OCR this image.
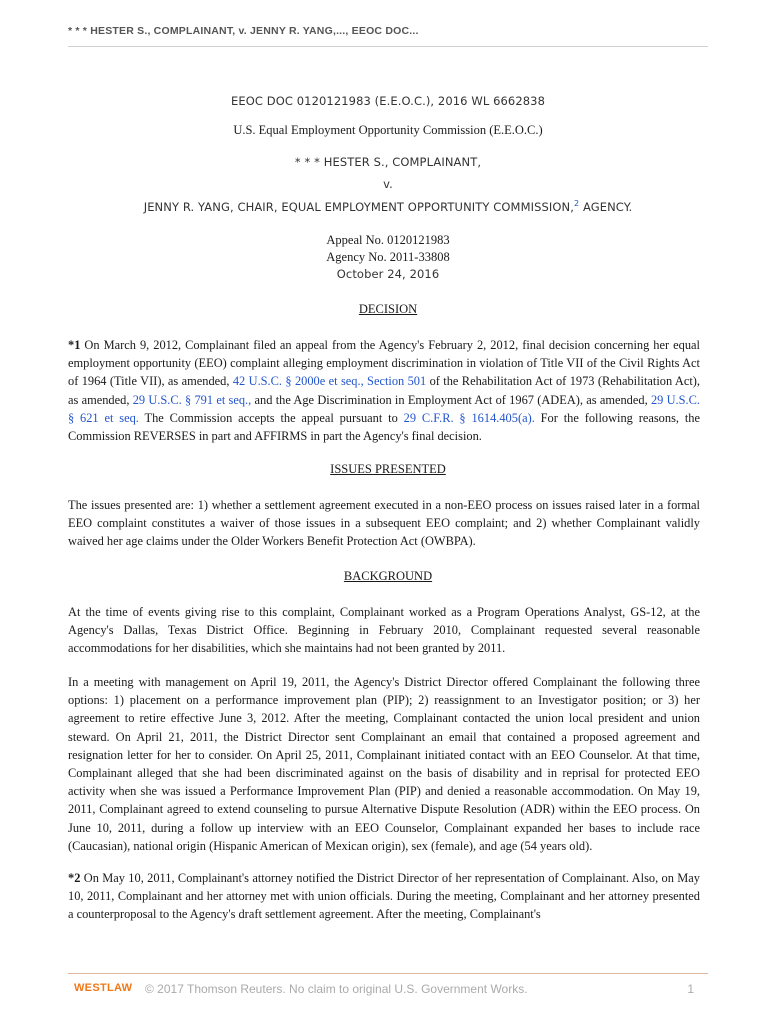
* * * HESTER S., COMPLAINANT, v. JENNY R. YANG,..., EEOC DOC...
EEOC DOC 0120121983 (E.E.O.C.), 2016 WL 6662838
U.S. Equal Employment Opportunity Commission (E.E.O.C.)
* * * HESTER S., COMPLAINANT,
v.
JENNY R. YANG, CHAIR, EQUAL EMPLOYMENT OPPORTUNITY COMMISSION,$^2$ AGENCY.
Appeal No. 0120121983
Agency No. 2011-33808
October 24, 2016
DECISION
*1 On March 9, 2012, Complainant filed an appeal from the Agency's February 2, 2012, final decision concerning her equal employment opportunity (EEO) complaint alleging employment discrimination in violation of Title VII of the Civil Rights Act of 1964 (Title VII), as amended, 42 U.S.C. § 2000e et seq., Section 501 of the Rehabilitation Act of 1973 (Rehabilitation Act), as amended, 29 U.S.C. § 791 et seq., and the Age Discrimination in Employment Act of 1967 (ADEA), as amended, 29 U.S.C. § 621 et seq. The Commission accepts the appeal pursuant to 29 C.F.R. § 1614.405(a). For the following reasons, the Commission REVERSES in part and AFFIRMS in part the Agency's final decision.
ISSUES PRESENTED
The issues presented are: 1) whether a settlement agreement executed in a non-EEO process on issues raised later in a formal EEO complaint constitutes a waiver of those issues in a subsequent EEO complaint; and 2) whether Complainant validly waived her age claims under the Older Workers Benefit Protection Act (OWBPA).
BACKGROUND
At the time of events giving rise to this complaint, Complainant worked as a Program Operations Analyst, GS-12, at the Agency's Dallas, Texas District Office. Beginning in February 2010, Complainant requested several reasonable accommodations for her disabilities, which she maintains had not been granted by 2011.
In a meeting with management on April 19, 2011, the Agency's District Director offered Complainant the following three options: 1) placement on a performance improvement plan (PIP); 2) reassignment to an Investigator position; or 3) her agreement to retire effective June 3, 2012. After the meeting, Complainant contacted the union local president and union steward. On April 21, 2011, the District Director sent Complainant an email that contained a proposed agreement and resignation letter for her to consider. On April 25, 2011, Complainant initiated contact with an EEO Counselor. At that time, Complainant alleged that she had been discriminated against on the basis of disability and in reprisal for protected EEO activity when she was issued a Performance Improvement Plan (PIP) and denied a reasonable accommodation. On May 19, 2011, Complainant agreed to extend counseling to pursue Alternative Dispute Resolution (ADR) within the EEO process. On June 10, 2011, during a follow up interview with an EEO Counselor, Complainant expanded her bases to include race (Caucasian), national origin (Hispanic American of Mexican origin), sex (female), and age (54 years old).
*2 On May 10, 2011, Complainant's attorney notified the District Director of her representation of Complainant. Also, on May 10, 2011, Complainant and her attorney met with union officials. During the meeting, Complainant and her attorney presented a counterproposal to the Agency's draft settlement agreement. After the meeting, Complainant's
WESTLAW © 2017 Thomson Reuters. No claim to original U.S. Government Works.	1
